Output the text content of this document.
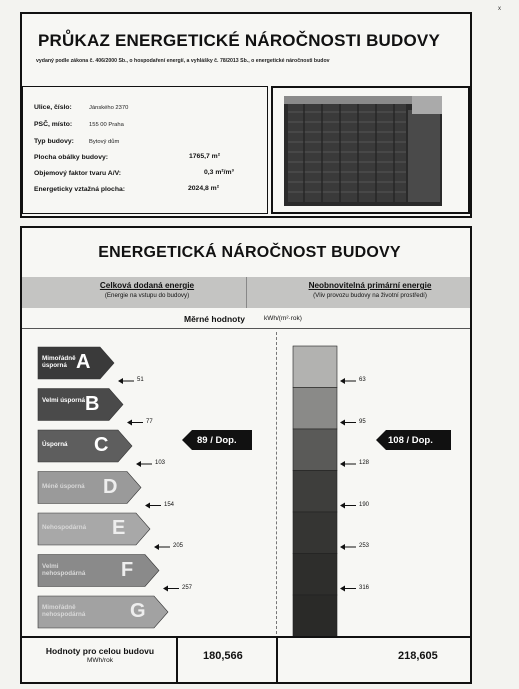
PRŮKAZ ENERGETICKÉ NÁROČNOSTI BUDOVY
vydaný podle zákona č. 406/2000 Sb., o hospodaření energií, a vyhlášky č. 78/2013 Sb., o energetické náročnosti budov
Ulice, číslo:	Jánského 2370
PSČ, místo:	155 00 Praha
Typ budovy:	Bytový dům
Plocha obálky budovy:	1765,7 m²
Objemový faktor tvaru A/V:	0,3 m²/m³
Energeticky vztažná plocha:	2024,8 m²
x
ENERGETICKÁ NÁROČNOST BUDOVY
Celková dodaná energie
(Energie na vstupu do budovy)
Neobnovitelná primární energie
(Vliv provozu budovy na životní prostředí)
Měrné hodnoty	kWh/(m²·rok)
Mimořádně úsporná A
51	63
Velmi úsporná B
77	95
Úsporná	C
103	128
Méně úsporná D
154	190
Nehospodárná E
205	253
Velmi nehospodárná F
257	316
Mimořádně nehospodárná G
89 / Dop.	108 / Dop.
Hodnoty pro celou budovu
MWh/rok	180,566	218,605
